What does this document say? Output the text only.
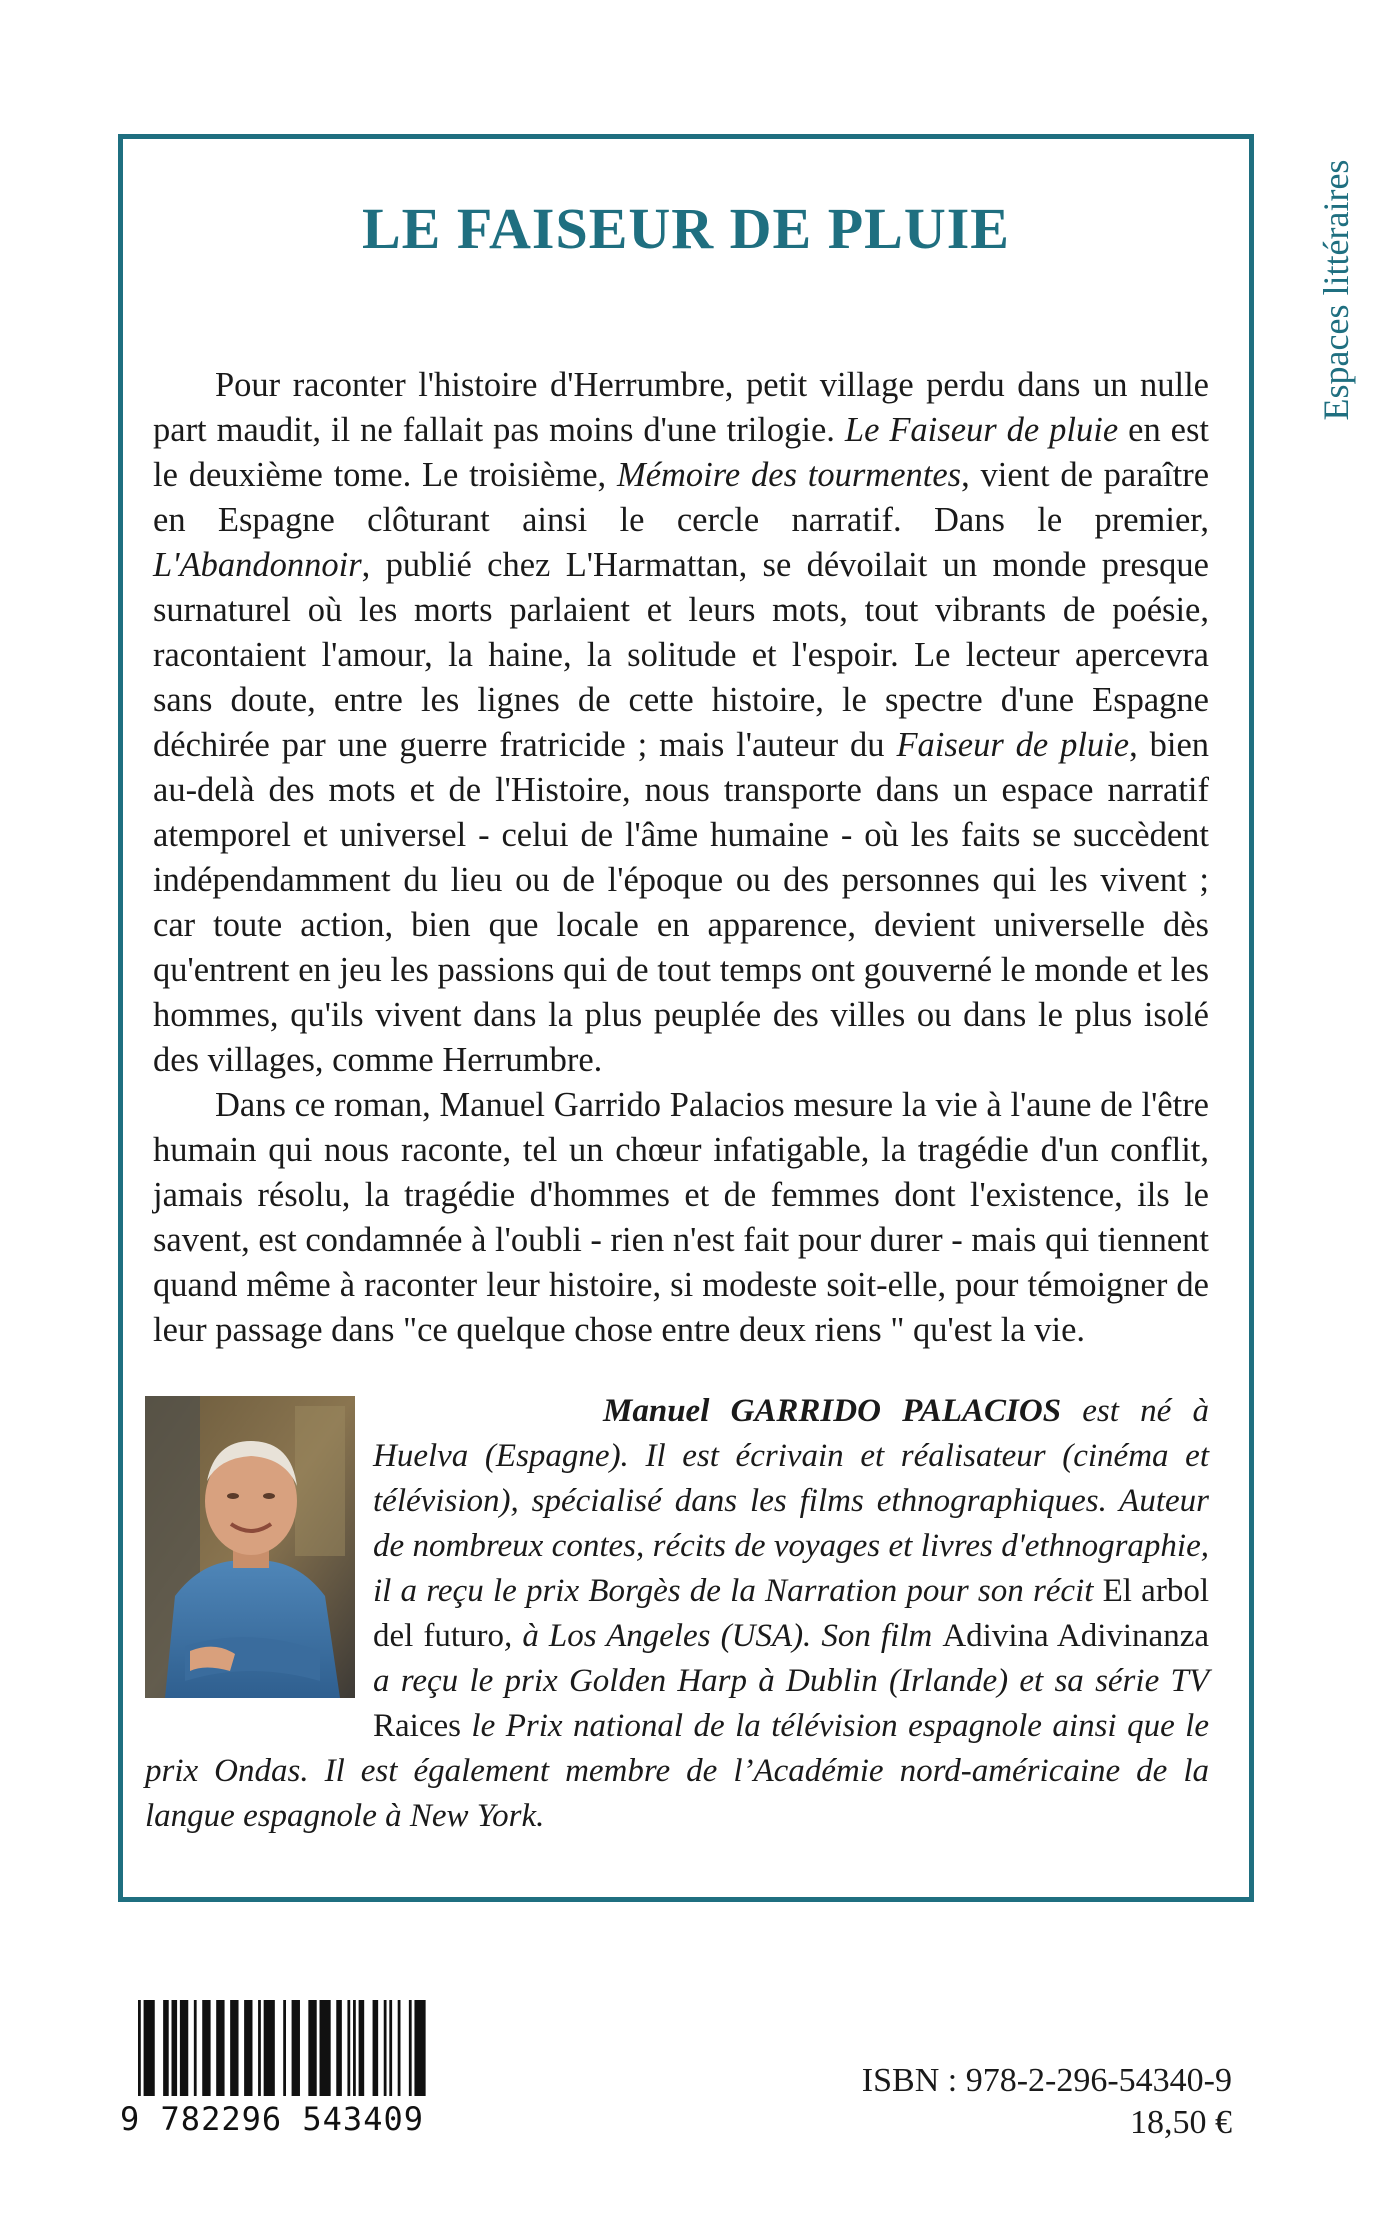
LE FAISEUR DE PLUIE

Pour raconter l'histoire d'Herrumbre, petit village perdu dans un nulle part maudit, il ne fallait pas moins d'une trilogie. Le Faiseur de pluie en est le deuxième tome. Le troisième, Mémoire des tourmentes, vient de paraître en Espagne clôturant ainsi le cercle narratif. Dans le premier, L'Abandonnoir, publié chez L'Harmattan, se dévoilait un monde presque surnaturel où les morts parlaient et leurs mots, tout vibrants de poésie, racontaient l'amour, la haine, la solitude et l'espoir. Le lecteur apercevra sans doute, entre les lignes de cette histoire, le spectre d'une Espagne déchirée par une guerre fratricide ; mais l'auteur du Faiseur de pluie, bien au-delà des mots et de l'Histoire, nous transporte dans un espace narratif atemporel et universel - celui de l'âme humaine - où les faits se succèdent indépendamment du lieu ou de l'époque ou des personnes qui les vivent ; car toute action, bien que locale en apparence, devient universelle dès qu'entrent en jeu les passions qui de tout temps ont gouverné le monde et les hommes, qu'ils vivent dans la plus peuplée des villes ou dans le plus isolé des villages, comme Herrumbre.

Dans ce roman, Manuel Garrido Palacios mesure la vie à l'aune de l'être humain qui nous raconte, tel un chœur infatigable, la tragédie d'un conflit, jamais résolu, la tragédie d'hommes et de femmes dont l'existence, ils le savent, est condamnée à l'oubli - rien n'est fait pour durer - mais qui tiennent quand même à raconter leur histoire, si modeste soit-elle, pour témoigner de leur passage dans "ce quelque chose entre deux riens " qu'est la vie.

Manuel GARRIDO PALACIOS est né à Huelva (Espagne). Il est écrivain et réalisateur (cinéma et télévision), spécialisé dans les films ethnographiques. Auteur de nombreux contes, récits de voyages et livres d'ethnographie, il a reçu le prix Borgès de la Narration pour son récit El arbol del futuro, à Los Angeles (USA). Son film Adivina Adivinanza a reçu le prix Golden Harp à Dublin (Irlande) et sa série TV Raices le Prix national de la télévision espagnole ainsi que le prix Ondas. Il est également membre de l’Académie nord-américaine de la langue espagnole à New York.
Espaces littéraires
9 782296 543409
ISBN : 978-2-296-54340-9
18,50 €
